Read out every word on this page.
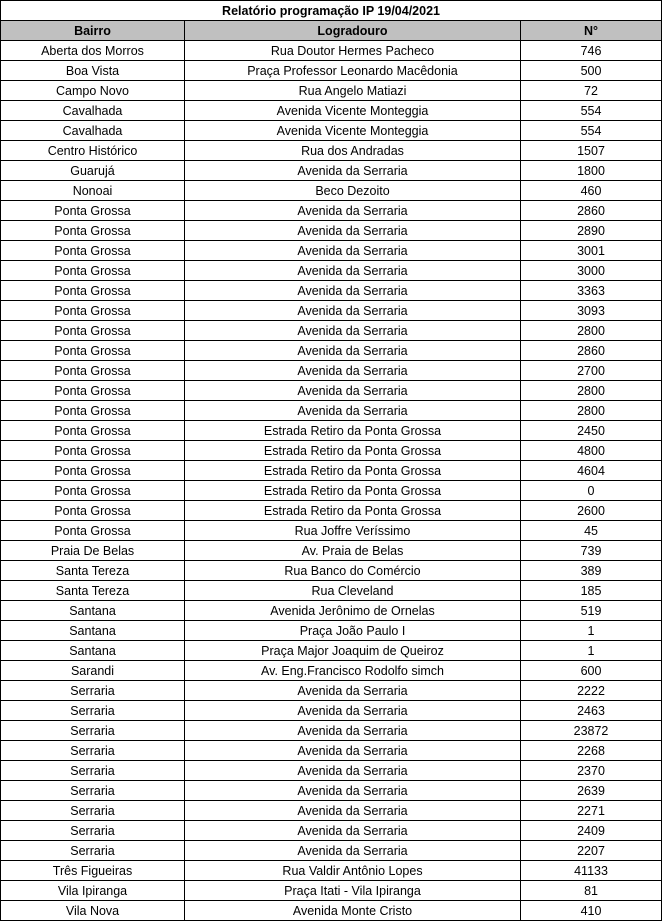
Relatório programação IP 19/04/2021		
Bairro	Logradouro	N°
Aberta dos Morros	Rua Doutor Hermes Pacheco	746
Boa Vista	Praça Professor Leonardo Macêdonia	500
Campo Novo	Rua Angelo Matiazi	72
Cavalhada	Avenida Vicente Monteggia	554
Cavalhada	Avenida Vicente Monteggia	554
Centro Histórico	Rua dos Andradas	1507
Guarujá	Avenida da Serraria	1800
Nonoai	Beco Dezoito	460
Ponta Grossa	Avenida da Serraria	2860
Ponta Grossa	Avenida da Serraria	2890
Ponta Grossa	Avenida da Serraria	3001
Ponta Grossa	Avenida da Serraria	3000
Ponta Grossa	Avenida da Serraria	3363
Ponta Grossa	Avenida da Serraria	3093
Ponta Grossa	Avenida da Serraria	2800
Ponta Grossa	Avenida da Serraria	2860
Ponta Grossa	Avenida da Serraria	2700
Ponta Grossa	Avenida da Serraria	2800
Ponta Grossa	Avenida da Serraria	2800
Ponta Grossa	Estrada Retiro da Ponta Grossa	2450
Ponta Grossa	Estrada Retiro da Ponta Grossa	4800
Ponta Grossa	Estrada Retiro da Ponta Grossa	4604
Ponta Grossa	Estrada Retiro da Ponta Grossa	0
Ponta Grossa	Estrada Retiro da Ponta Grossa	2600
Ponta Grossa	Rua Joffre Veríssimo	45
Praia De Belas	Av. Praia de Belas	739
Santa Tereza	Rua Banco do Comércio	389
Santa Tereza	Rua Cleveland	185
Santana	Avenida Jerônimo de Ornelas	519
Santana	Praça João Paulo I	1
Santana	Praça Major Joaquim de Queiroz	1
Sarandi	Av. Eng.Francisco Rodolfo simch	600
Serraria	Avenida da Serraria	2222
Serraria	Avenida da Serraria	2463
Serraria	Avenida da Serraria	23872
Serraria	Avenida da Serraria	2268
Serraria	Avenida da Serraria	2370
Serraria	Avenida da Serraria	2639
Serraria	Avenida da Serraria	2271
Serraria	Avenida da Serraria	2409
Serraria	Avenida da Serraria	2207
Três Figueiras	Rua Valdir Antônio Lopes	41133
Vila Ipiranga	Praça Itati - Vila Ipiranga	81
Vila Nova	Avenida Monte Cristo	410
